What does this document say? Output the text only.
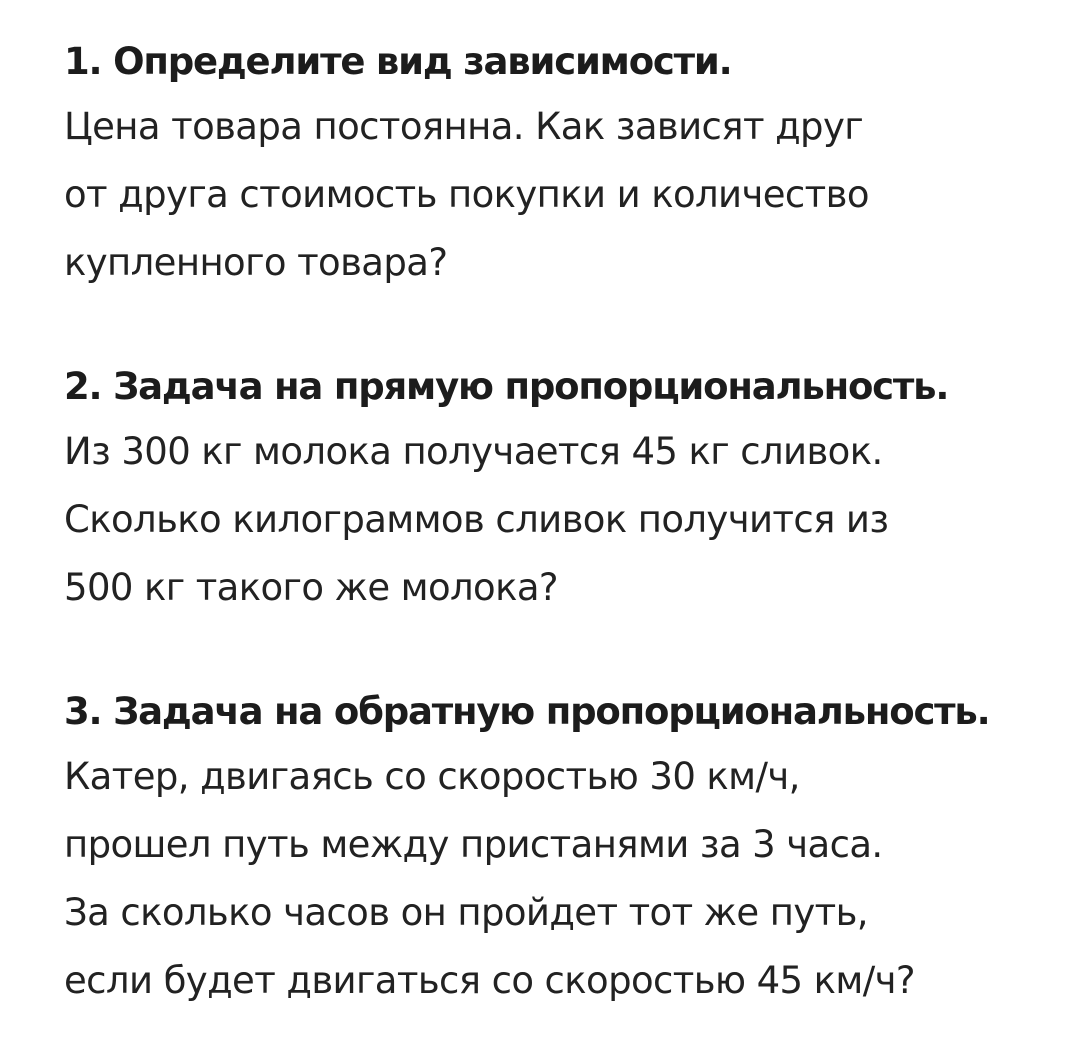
1. Определите вид зависимости.

Цена товара постоянна. Как зависят друг

от друга стоимость покупки и количество

купленного товара?

2. Задача на прямую пропорциональность.

Из 300 кг молока получается 45 кг сливок.

Сколько килограммов сливок получится из

500 кг такого же молока?

3. Задача на обратную пропорциональность.

Катер, двигаясь со скоростью 30 км/ч,

прошел путь между пристанями за 3 часа.

За сколько часов он пройдет тот же путь,

если будет двигаться со скоростью 45 км/ч?
